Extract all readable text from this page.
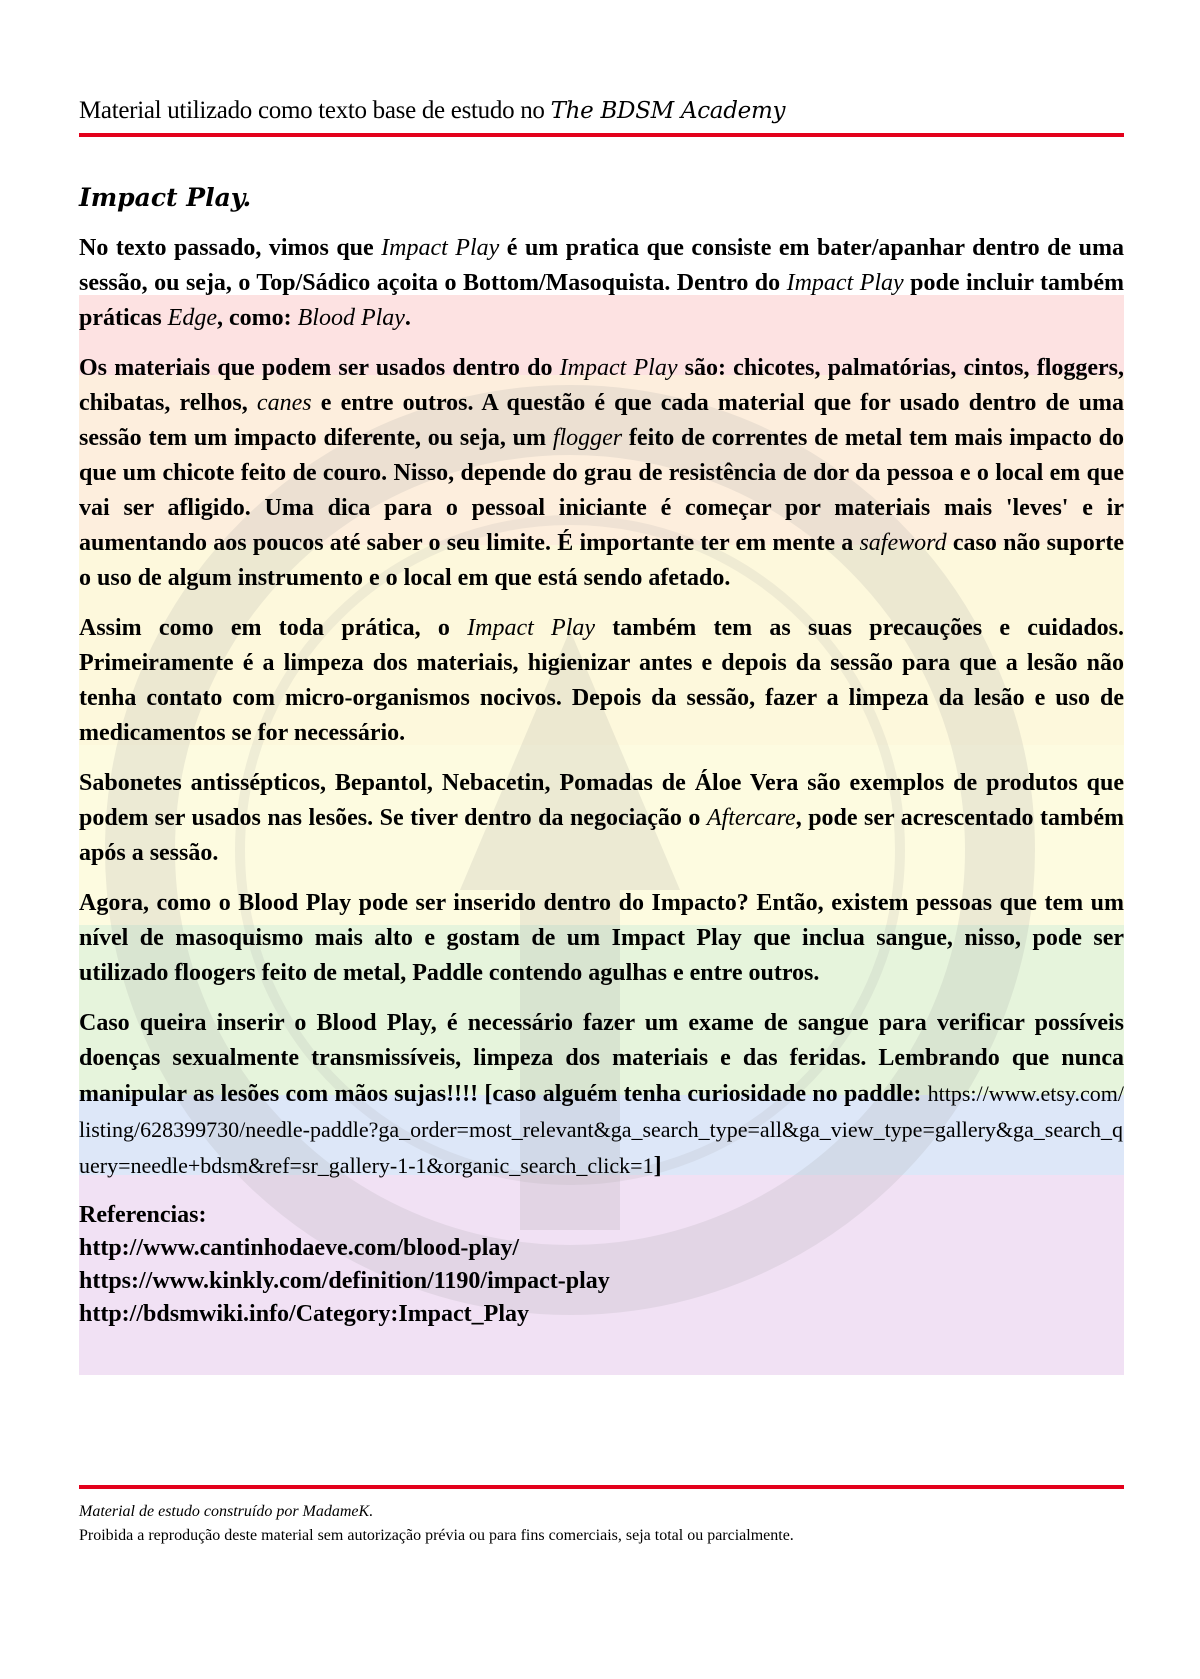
Material utilizado como texto base de estudo no The BDSM Academy
Impact Play.

No texto passado, vimos que Impact Play é um pratica que consiste em bater/apanhar dentro de uma sessão, ou seja, o Top/Sádico açoita o Bottom/Masoquista. Dentro do Impact Play pode incluir também práticas Edge, como: Blood Play.

Os materiais que podem ser usados dentro do Impact Play são: chicotes, palmatórias, cintos, floggers, chibatas, relhos, canes e entre outros. A questão é que cada material que for usado dentro de uma sessão tem um impacto diferente, ou seja, um flogger feito de correntes de metal tem mais impacto do que um chicote feito de couro. Nisso, depende do grau de resistência de dor da pessoa e o local em que vai ser afligido. Uma dica para o pessoal iniciante é começar por materiais mais 'leves' e ir aumentando aos poucos até saber o seu limite. É importante ter em mente a safeword caso não suporte o uso de algum instrumento e o local em que está sendo afetado.

Assim como em toda prática, o Impact Play também tem as suas precauções e cuidados. Primeiramente é a limpeza dos materiais, higienizar antes e depois da sessão para que a lesão não tenha contato com micro-organismos nocivos. Depois da sessão, fazer a limpeza da lesão e uso de medicamentos se for necessário.

Sabonetes antissépticos, Bepantol, Nebacetin, Pomadas de Áloe Vera são exemplos de produtos que podem ser usados nas lesões. Se tiver dentro da negociação o Aftercare, pode ser acrescentado também após a sessão.

Agora, como o Blood Play pode ser inserido dentro do Impacto? Então, existem pessoas que tem um nível de masoquismo mais alto e gostam de um Impact Play que inclua sangue, nisso, pode ser utilizado floogers feito de metal, Paddle contendo agulhas e entre outros.

Caso queira inserir o Blood Play, é necessário fazer um exame de sangue para verificar possíveis doenças sexualmente transmissíveis, limpeza dos materiais e das feridas. Lembrando que nunca manipular as lesões com mãos sujas!!!! [caso alguém tenha curiosidade no paddle: https://www.etsy.com/listing/628399730/needle-paddle?ga_order=most_relevant&ga_search_type=all&ga_view_type=gallery&ga_search_query=needle+bdsm&ref=sr_gallery-1-1&organic_search_click=1]

Referencias:
http://www.cantinhodaeve.com/blood-play/
https://www.kinkly.com/definition/1190/impact-play
http://bdsmwiki.info/Category:Impact_Play
Material de estudo construído por MadameK.
Proibida a reprodução deste material sem autorização prévia ou para fins comerciais, seja total ou parcialmente.
